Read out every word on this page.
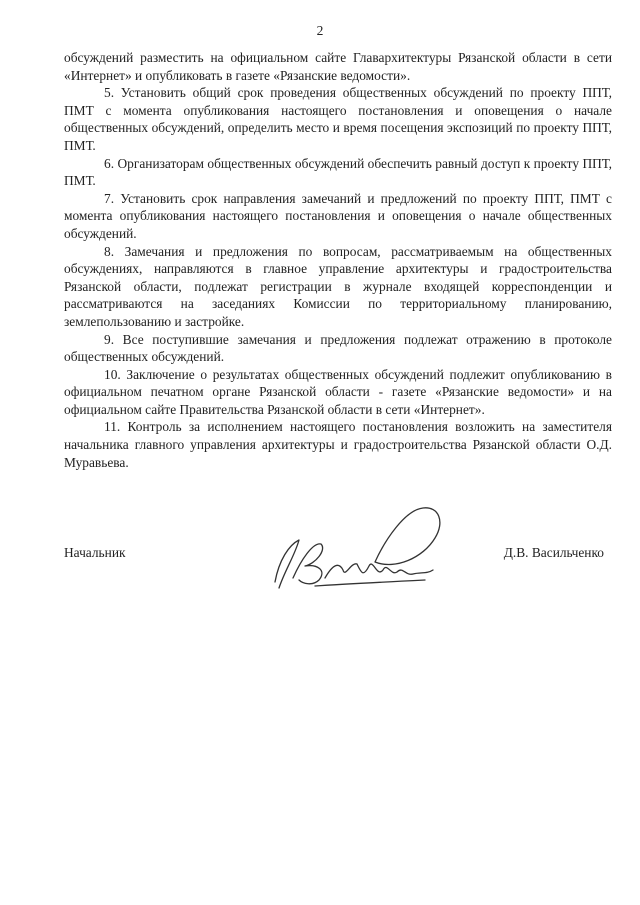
2

обсуждений разместить на официальном сайте Главархитектуры Рязанской области в сети «Интернет» и опубликовать в газете «Рязанские ведомости».

5. Установить общий срок проведения общественных обсуждений по проекту ППТ, ПМТ с момента опубликования настоящего постановления и оповещения о начале общественных обсуждений, определить место и время посещения экспозиций по проекту ППТ, ПМТ.

6. Организаторам общественных обсуждений обеспечить равный доступ к проекту ППТ, ПМТ.

7. Установить срок направления замечаний и предложений по проекту ППТ, ПМТ с момента опубликования настоящего постановления и оповещения о начале общественных обсуждений.

8. Замечания и предложения по вопросам, рассматриваемым на общественных обсуждениях, направляются в главное управление архитектуры и градостроительства Рязанской области, подлежат регистрации в журнале входящей корреспонденции и рассматриваются на заседаниях Комиссии по территориальному планированию, землепользованию и застройке.

9. Все поступившие замечания и предложения подлежат отражению в протоколе общественных обсуждений.

10. Заключение о результатах общественных обсуждений подлежит опубликованию в официальном печатном органе Рязанской области - газете «Рязанские ведомости» и на официальном сайте Правительства Рязанской области в сети «Интернет».

11. Контроль за исполнением настоящего постановления возложить на заместителя начальника главного управления архитектуры и градостроительства Рязанской области О.Д. Муравьева.

Начальник	Д.В. Васильченко
